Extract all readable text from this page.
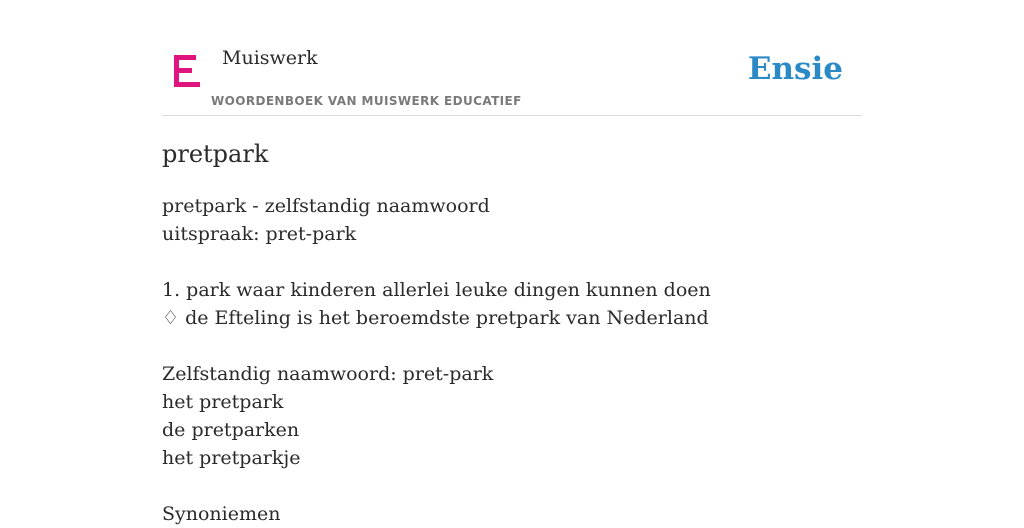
Muiswerk
WOORDENBOEK VAN MUISWERK EDUCATIEF
Ensie
pretpark
pretpark - zelfstandig naamwoord
uitspraak: pret-park
1. park waar kinderen allerlei leuke dingen kunnen doen
♢ de Efteling is het beroemdste pretpark van Nederland
Zelfstandig naamwoord: pret-park
het pretpark
de pretparken
het pretparkje
Synoniemen
